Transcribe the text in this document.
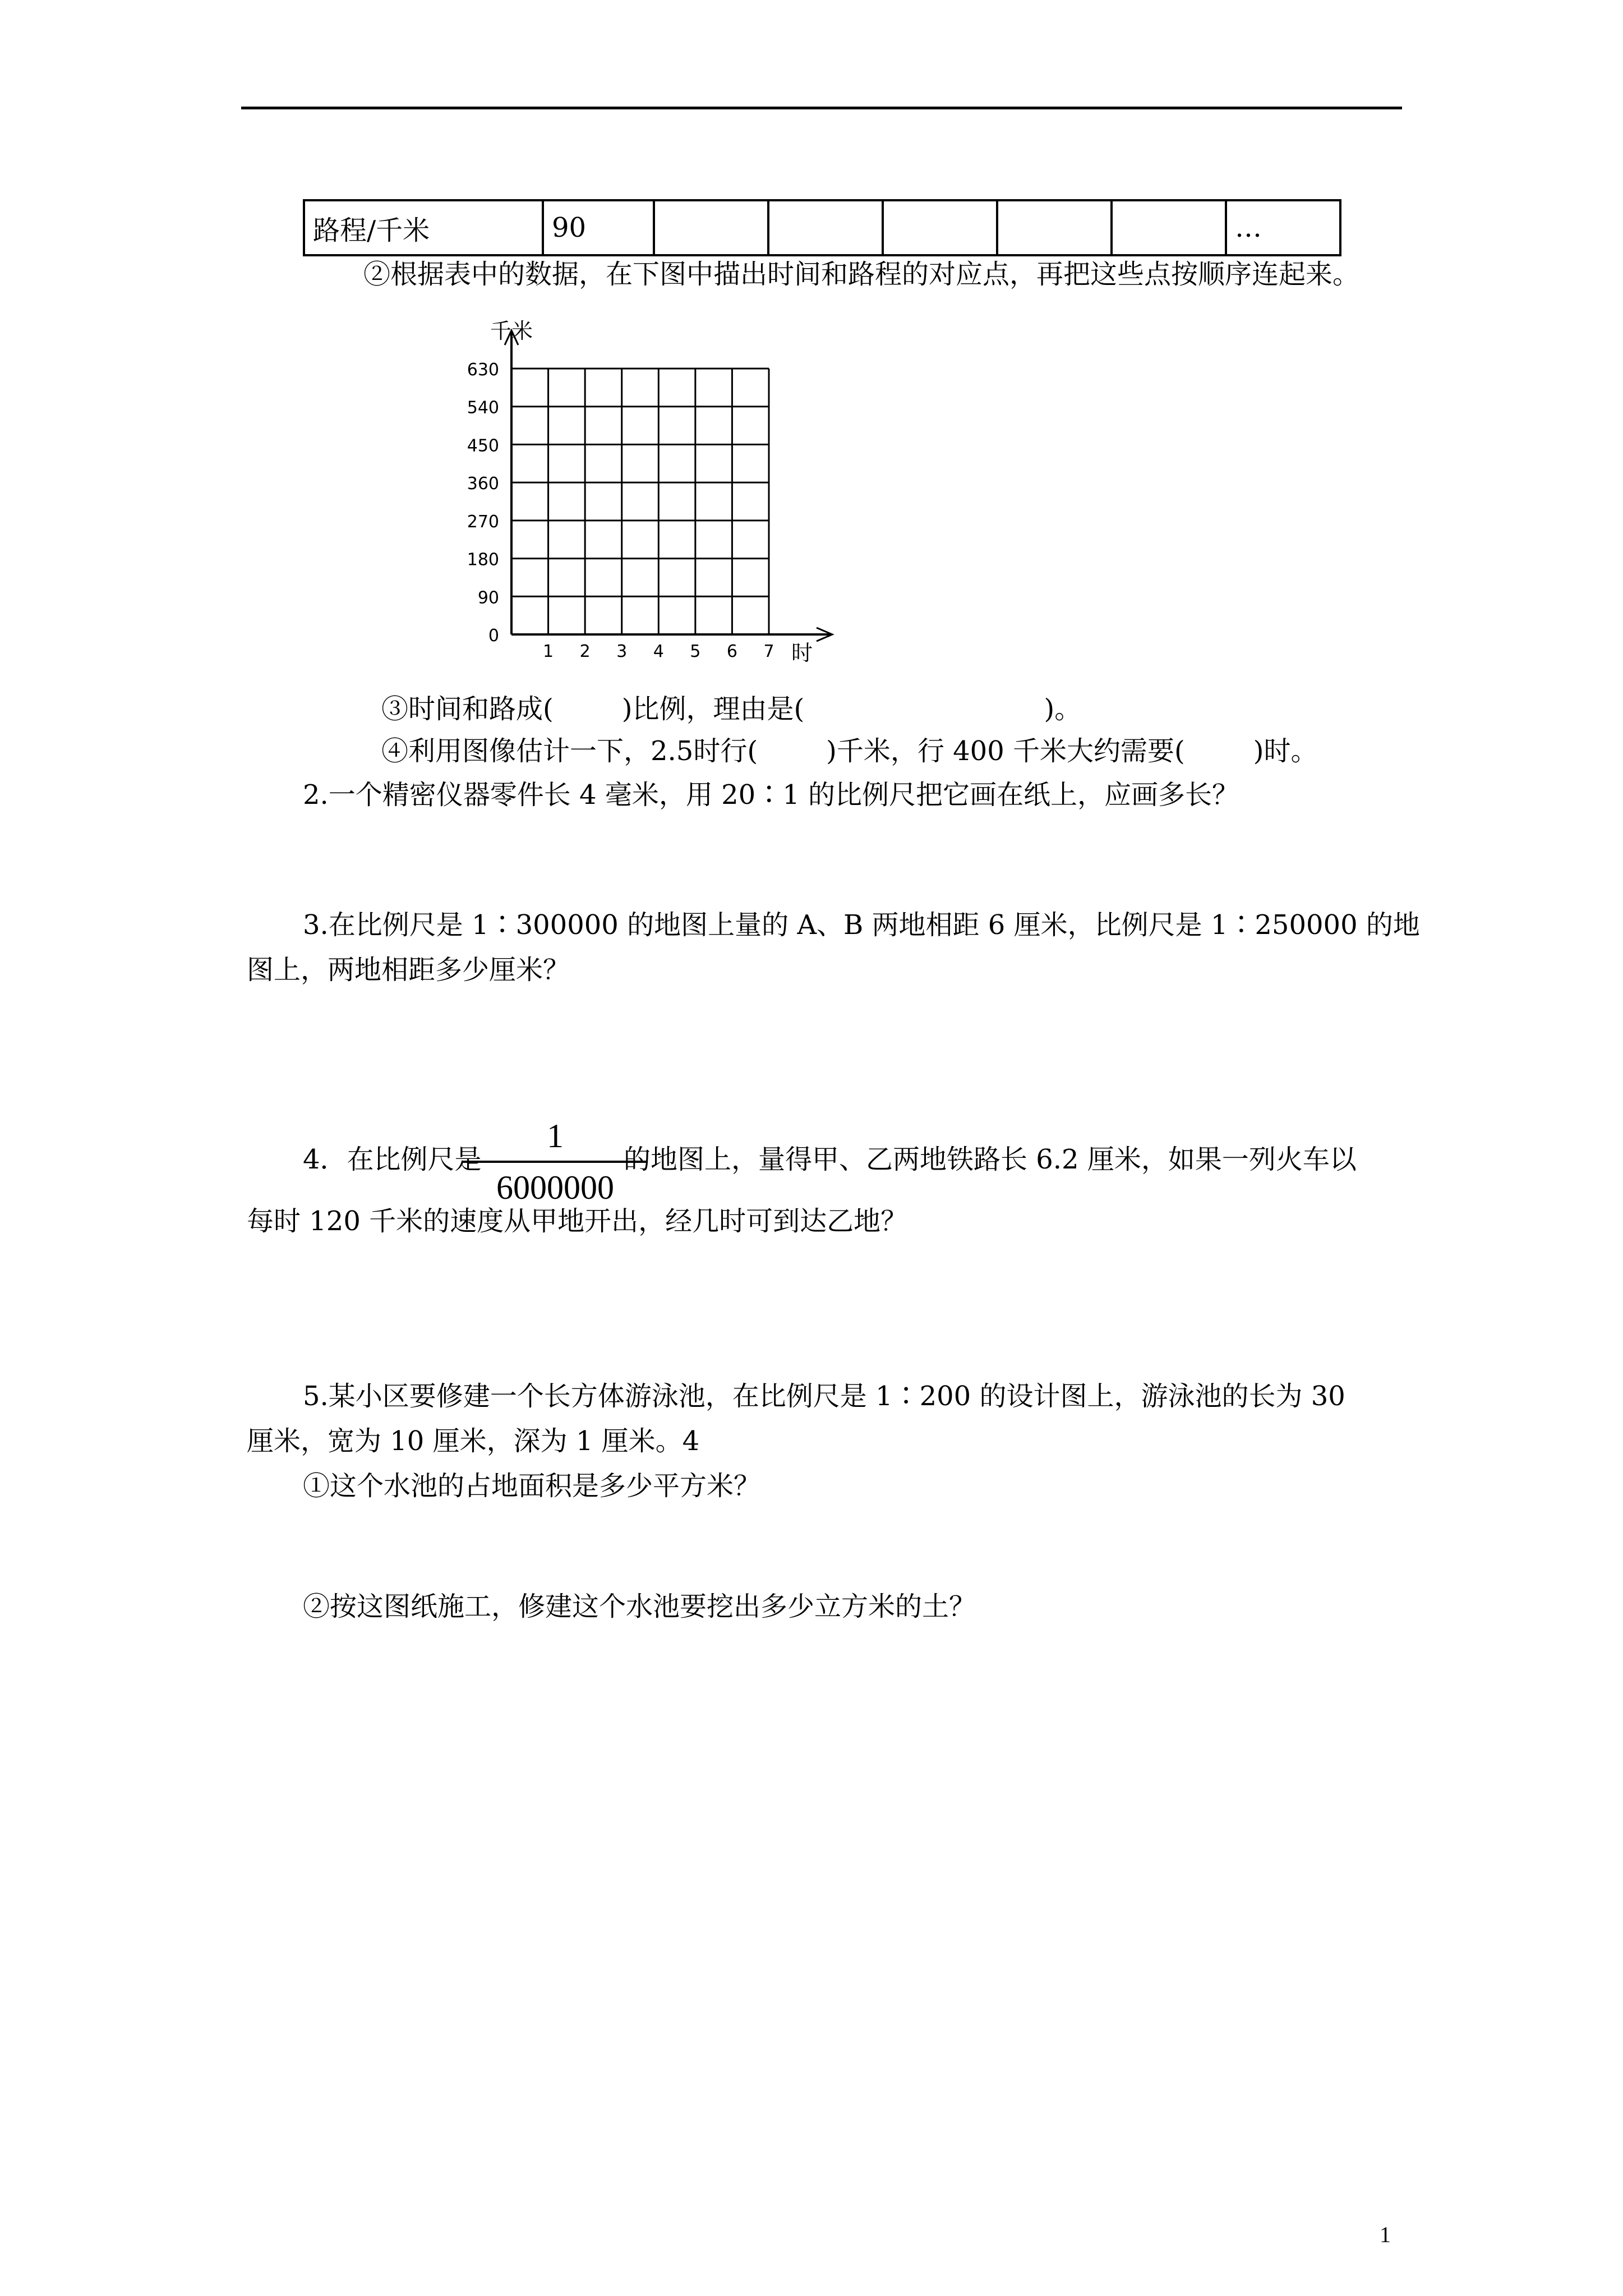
路程/千米	90						…
②根据表中的数据，在下图中描出时间和路程的对应点，再把这些点按顺序连起来。
0
90
180
270
360
450
540
630
1 2 3 4 5 6 7
千米
时
③时间和路成(        )比例，理由是(                            )。
④利用图像估计一下，2.5时行(        )千米，行 400 千米大约需要(        )时。
2.一个精密仪器零件长 4 毫米，用 20∶1 的比例尺把它画在纸上，应画多长？
3.在比例尺是 1∶300000 的地图上量的 A、B 两地相距 6 厘米，比例尺是 1∶250000 的地
图上，两地相距多少厘米？
4．在比例尺是
1
6000000
的地图上，量得甲、乙两地铁路长 6.2 厘米，如果一列火车以
每时 120 千米的速度从甲地开出，经几时可到达乙地？
5.某小区要修建一个长方体游泳池，在比例尺是 1∶200 的设计图上，游泳池的长为 30
厘米，宽为 10 厘米，深为 1 厘米。4
①这个水池的占地面积是多少平方米？
②按这图纸施工，修建这个水池要挖出多少立方米的土？
1
